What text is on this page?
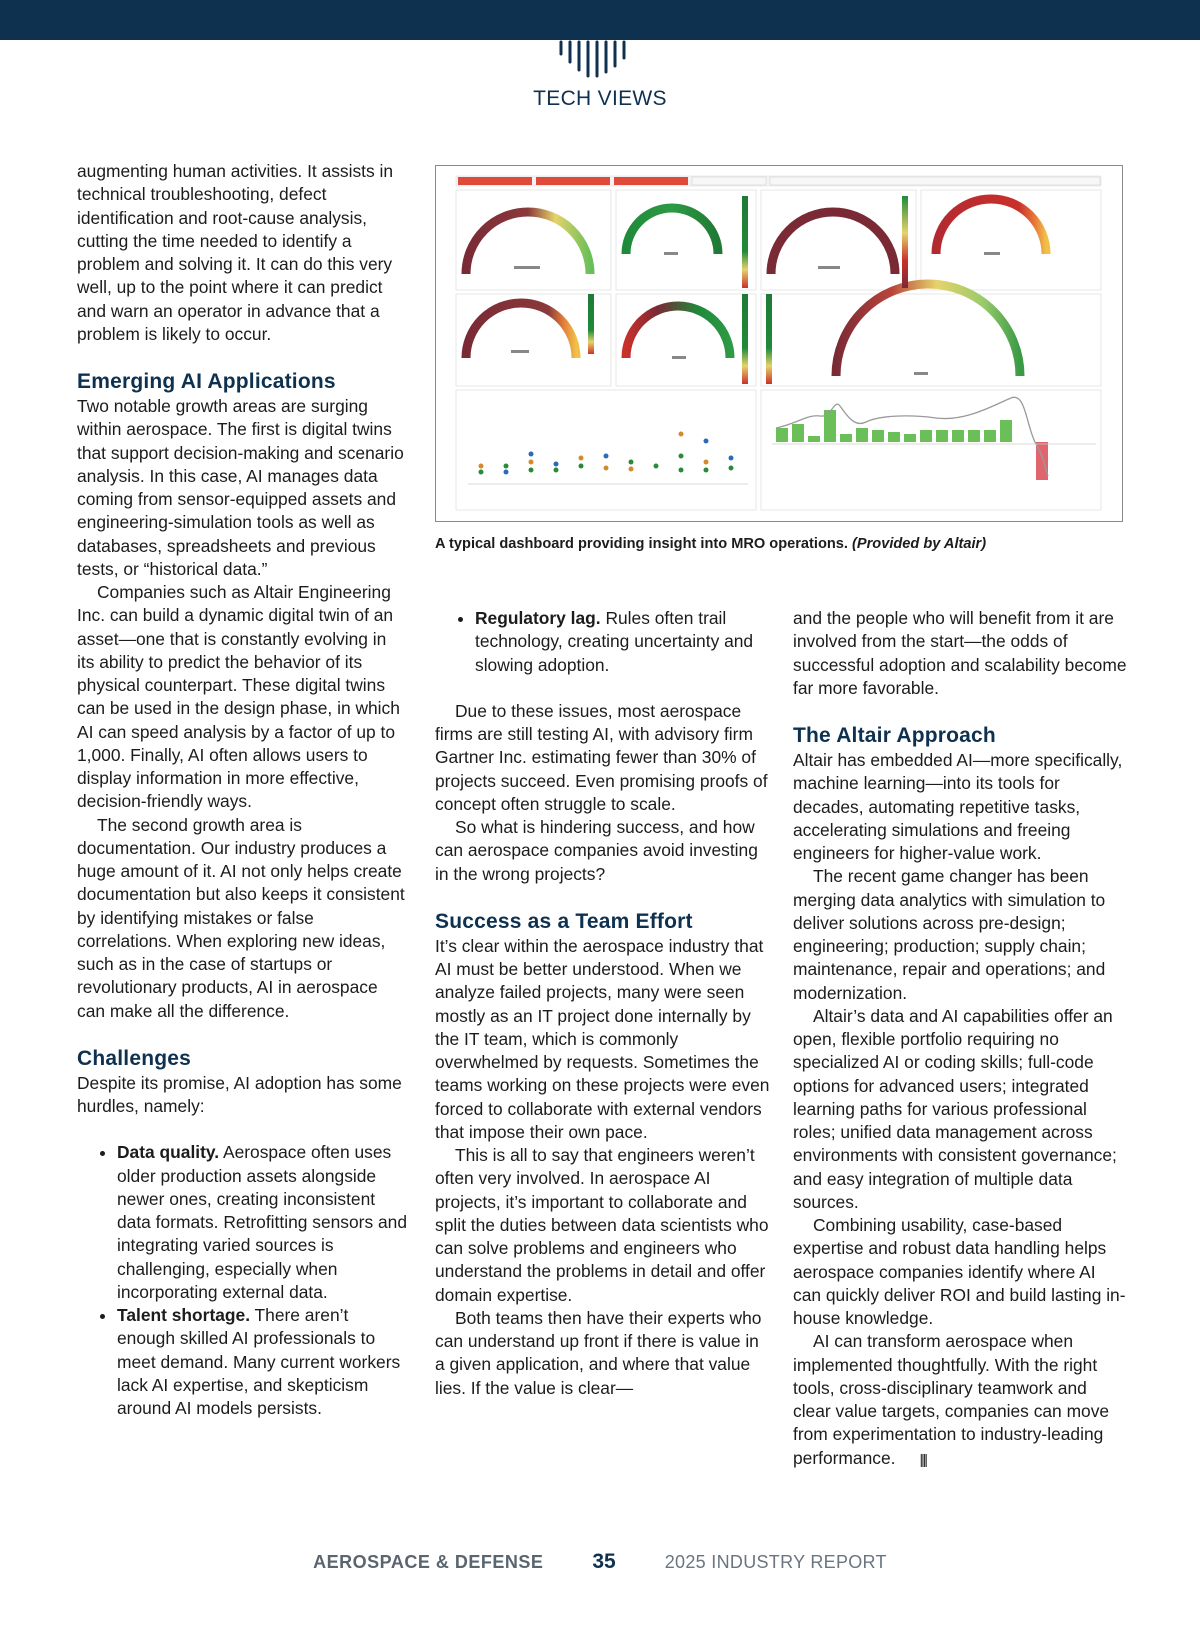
TECH VIEWS

augmenting human activities. It assists in technical troubleshooting, defect identification and root-cause analysis, cutting the time needed to identify a problem and solving it. It can do this very well, up to the point where it can predict and warn an operator in advance that a problem is likely to occur.

Emerging AI Applications

Two notable growth areas are surging within aerospace. The first is digital twins that support decision-making and scenario analysis. In this case, AI manages data coming from sensor-equipped assets and engineering-simulation tools as well as databases, spreadsheets and previous tests, or “historical data.”

Companies such as Altair Engineering Inc. can build a dynamic digital twin of an asset—one that is constantly evolving in its ability to predict the behavior of its physical counterpart. These digital twins can be used in the design phase, in which AI can speed analysis by a factor of up to 1,000. Finally, AI often allows users to display information in more effective, decision-friendly ways.

The second growth area is documentation. Our industry produces a huge amount of it. AI not only helps create documentation but also keeps it consistent by identifying mistakes or false correlations. When exploring new ideas, such as in the case of startups or revolutionary products, AI in aerospace can make all the difference.

Challenges

Despite its promise, AI adoption has some hurdles, namely:

• Data quality. Aerospace often uses older production assets alongside newer ones, creating inconsistent data formats. Retrofitting sensors and integrating varied sources is challenging, especially when incorporating external data.
• Talent shortage. There aren’t enough skilled AI professionals to meet demand. Many current workers lack AI expertise, and skepticism around AI models persists.
A typical dashboard providing insight into MRO operations. (Provided by Altair)
• Regulatory lag. Rules often trail technology, creating uncertainty and slowing adoption.

Due to these issues, most aerospace firms are still testing AI, with advisory firm Gartner Inc. estimating fewer than 30% of projects succeed. Even promising proofs of concept often struggle to scale.

So what is hindering success, and how can aerospace companies avoid investing in the wrong projects?

Success as a Team Effort

It’s clear within the aerospace industry that AI must be better understood. When we analyze failed projects, many were seen mostly as an IT project done internally by the IT team, which is commonly overwhelmed by requests. Sometimes the teams working on these projects were even forced to collaborate with external vendors that impose their own pace.

This is all to say that engineers weren’t often very involved. In aerospace AI projects, it’s important to collaborate and split the duties between data scientists who can solve problems and engineers who understand the problems in detail and offer domain expertise.

Both teams then have their experts who can understand up front if there is value in a given application, and where that value lies. If the value is clear—

and the people who will benefit from it are involved from the start—the odds of successful adoption and scalability become far more favorable.

The Altair Approach

Altair has embedded AI—more specifically, machine learning—into its tools for decades, automating repetitive tasks, accelerating simulations and freeing engineers for higher-value work.

The recent game changer has been merging data analytics with simulation to deliver solutions across pre-design; engineering; production; supply chain; maintenance, repair and operations; and modernization.

Altair’s data and AI capabilities offer an open, flexible portfolio requiring no specialized AI or coding skills; full-code options for advanced users; integrated learning paths for various professional roles; unified data management across environments with consistent governance; and easy integration of multiple data sources.

Combining usability, case-based expertise and robust data handling helps aerospace companies identify where AI can quickly deliver ROI and build lasting in-house knowledge.

AI can transform aerospace when implemented thoughtfully. With the right tools, cross-disciplinary teamwork and clear value targets, companies can move from experimentation to industry-leading performance. ||||

AEROSPACE & DEFENSE 35	2025 INDUSTRY REPORT
